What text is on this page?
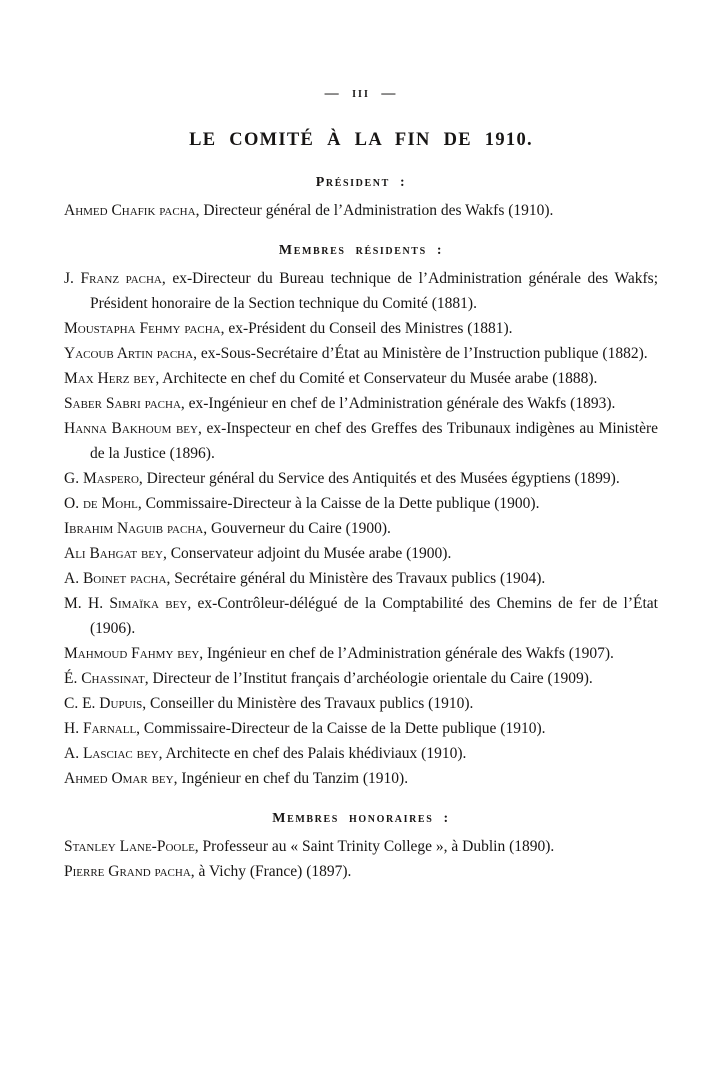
— iii —
LE COMITÉ À LA FIN DE 1910.
Président :

Ahmed Chafik pacha, Directeur général de l’Administration des Wakfs (1910).

Membres résidents :

J. Franz pacha, ex-Directeur du Bureau technique de l’Administration générale des Wakfs; Président honoraire de la Section technique du Comité (1881).

Moustapha Fehmy pacha, ex-Président du Conseil des Ministres (1881).

Yacoub Artin pacha, ex-Sous-Secrétaire d’État au Ministère de l’Instruction publique (1882).

Max Herz bey, Architecte en chef du Comité et Conservateur du Musée arabe (1888).

Saber Sabri pacha, ex-Ingénieur en chef de l’Administration générale des Wakfs (1893).

Hanna Bakhoum bey, ex-Inspecteur en chef des Greffes des Tribunaux indigènes au Ministère de la Justice (1896).

G. Maspero, Directeur général du Service des Antiquités et des Musées égyptiens (1899).

O. de Mohl, Commissaire-Directeur à la Caisse de la Dette publique (1900).

Ibrahim Naguib pacha, Gouverneur du Caire (1900).

Ali Bahgat bey, Conservateur adjoint du Musée arabe (1900).

A. Boinet pacha, Secrétaire général du Ministère des Travaux publics (1904).

M. H. Simaïka bey, ex-Contrôleur-délégué de la Comptabilité des Chemins de fer de l’État (1906).

Mahmoud Fahmy bey, Ingénieur en chef de l’Administration générale des Wakfs (1907).

É. Chassinat, Directeur de l’Institut français d’archéologie orientale du Caire (1909).

C. E. Dupuis, Conseiller du Ministère des Travaux publics (1910).

H. Farnall, Commissaire-Directeur de la Caisse de la Dette publique (1910).

A. Lasciac bey, Architecte en chef des Palais khédiviaux (1910).

Ahmed Omar bey, Ingénieur en chef du Tanzim (1910).

Membres honoraires :

Stanley Lane-Poole, Professeur au « Saint Trinity College », à Dublin (1890).

Pierre Grand pacha, à Vichy (France) (1897).
